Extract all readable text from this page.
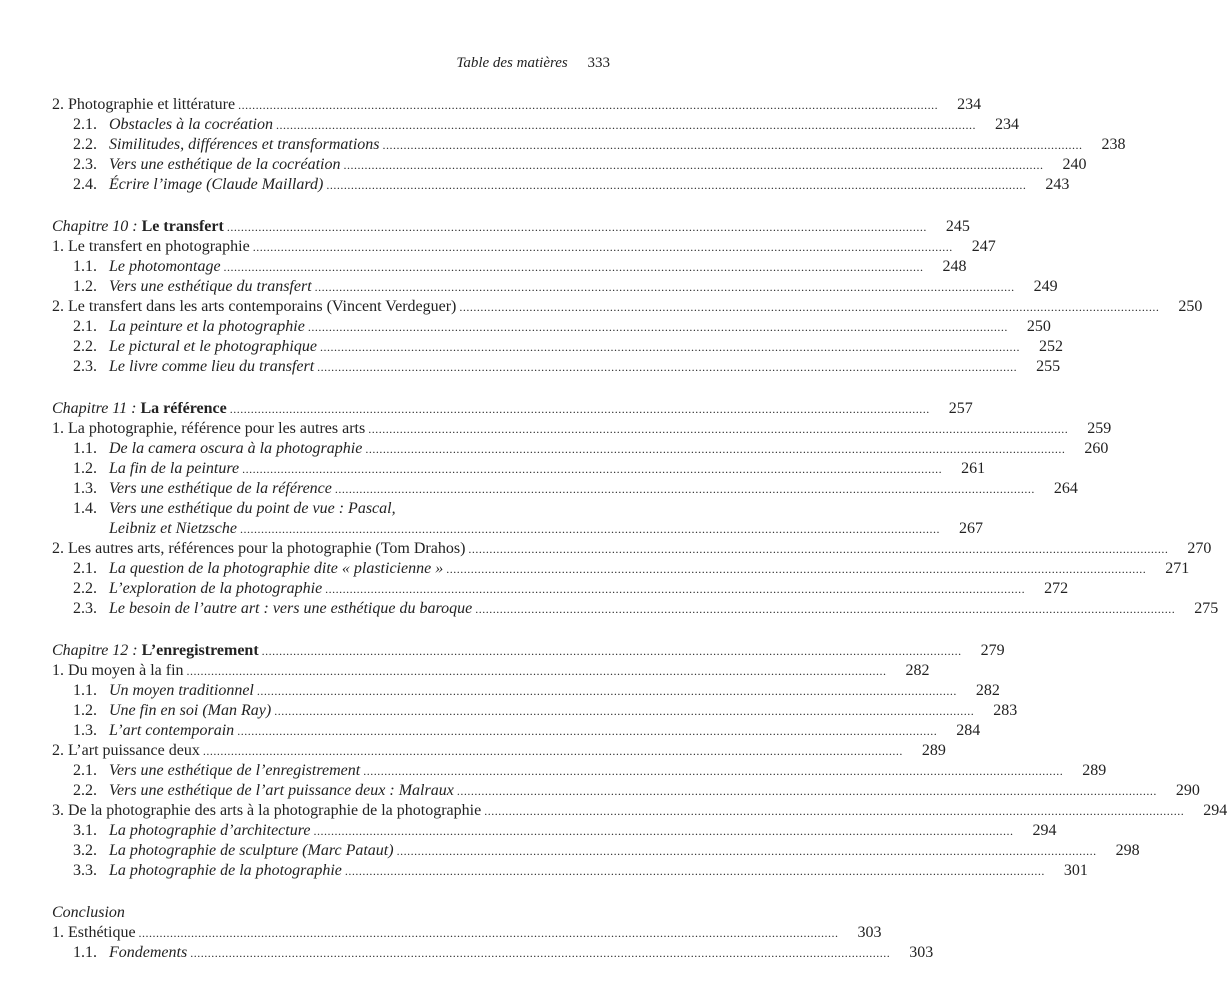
Table des matières 333
2. Photographie et littérature .....	234
2.1. Obstacles à la cocréation .....	234
2.2. Similitudes, différences et transformations .....	238
2.3. Vers une esthétique de la cocréation .....	240
2.4. Écrire l’image (Claude Maillard) .....	243
Chapitre 10 : Le transfert .....	245
1. Le transfert en photographie .....	247
1.1. Le photomontage .....	248
1.2. Vers une esthétique du transfert .....	249
2. Le transfert dans les arts contemporains (Vincent Verdeguer) .....	250
2.1. La peinture et la photographie .....	250
2.2. Le pictural et le photographique .....	252
2.3. Le livre comme lieu du transfert .....	255
Chapitre 11 : La référence .....	257
1. La photographie, référence pour les autres arts .....	259
1.1. De la camera oscura à la photographie .....	260
1.2. La fin de la peinture .....	261
1.3. Vers une esthétique de la référence .....	264
1.4. Vers une esthétique du point de vue : Pascal,
Leibniz et Nietzsche .....	267
2. Les autres arts, références pour la photographie (Tom Drahos) .....	270
2.1. La question de la photographie dite « plasticienne » .....	271
2.2. L’exploration de la photographie .....	272
2.3. Le besoin de l’autre art : vers une esthétique du baroque .....	275
Chapitre 12 : L’enregistrement .....	279
1. Du moyen à la fin .....	282
1.1. Un moyen traditionnel .....	282
1.2. Une fin en soi (Man Ray) .....	283
1.3. L’art contemporain .....	284
2. L’art puissance deux .....	289
2.1. Vers une esthétique de l’enregistrement .....	289
2.2. Vers une esthétique de l’art puissance deux : Malraux .....	290
3. De la photographie des arts à la photographie de la photographie .....	294
3.1. La photographie d’architecture .....	294
3.2. La photographie de sculpture (Marc Pataut) .....	298
3.3. La photographie de la photographie .....	301
Conclusion
1. Esthétique .....	303
1.1. Fondements .....	303
